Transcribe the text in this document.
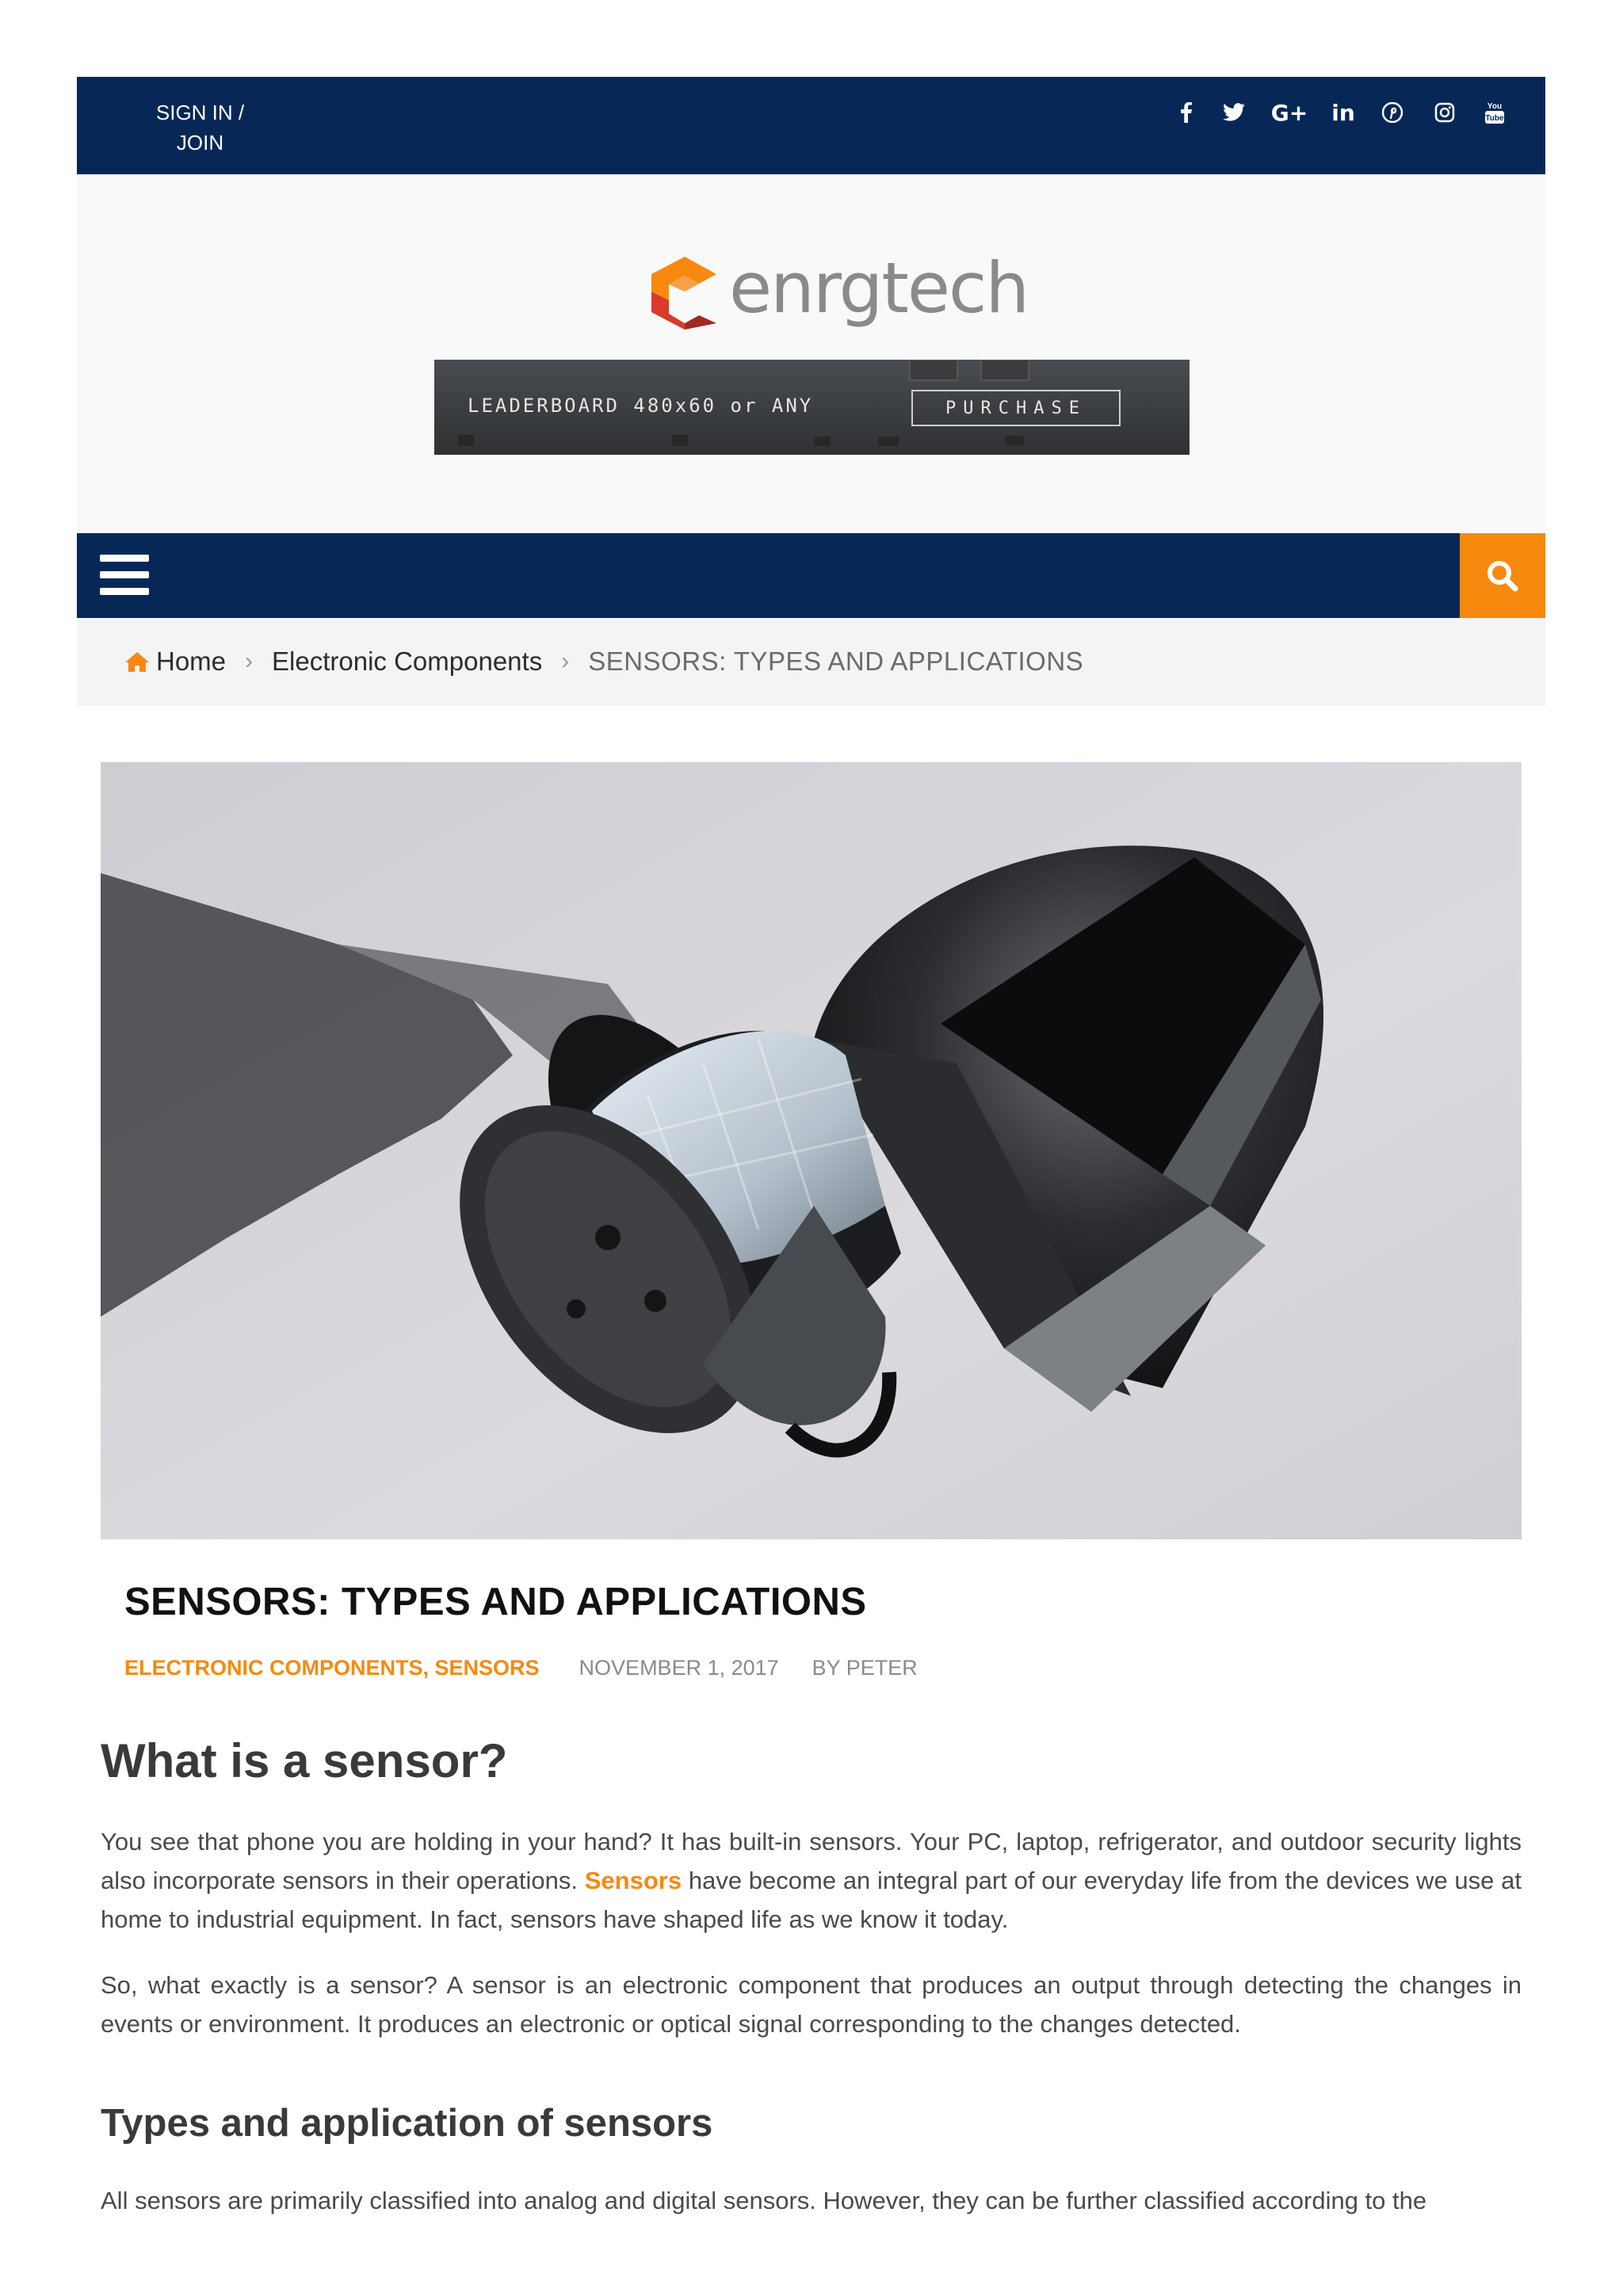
SIGN IN /
JOIN
G+ in	You
Tube
enrgtech
LEADERBOARD 480x60 or ANY	PURCHASE
Home › Electronic Components › SENSORS: TYPES AND APPLICATIONS
SENSORS: TYPES AND APPLICATIONS
ELECTRONIC COMPONENTS, SENSORS NOVEMBER 1, 2017 BY PETER
What is a sensor?

You see that phone you are holding in your hand? It has built-in sensors. Your PC, laptop, refrigerator, and outdoor security lights also incorporate sensors in their operations. Sensors have become an integral part of our everyday life from the devices we use at home to industrial equipment. In fact, sensors have shaped life as we know it today.

So, what exactly is a sensor? A sensor is an electronic component that produces an output through detecting the changes in events or environment. It produces an electronic or optical signal corresponding to the changes detected.

Types and application of sensors

All sensors are primarily classified into analog and digital sensors. However, they can be further classified according to the
